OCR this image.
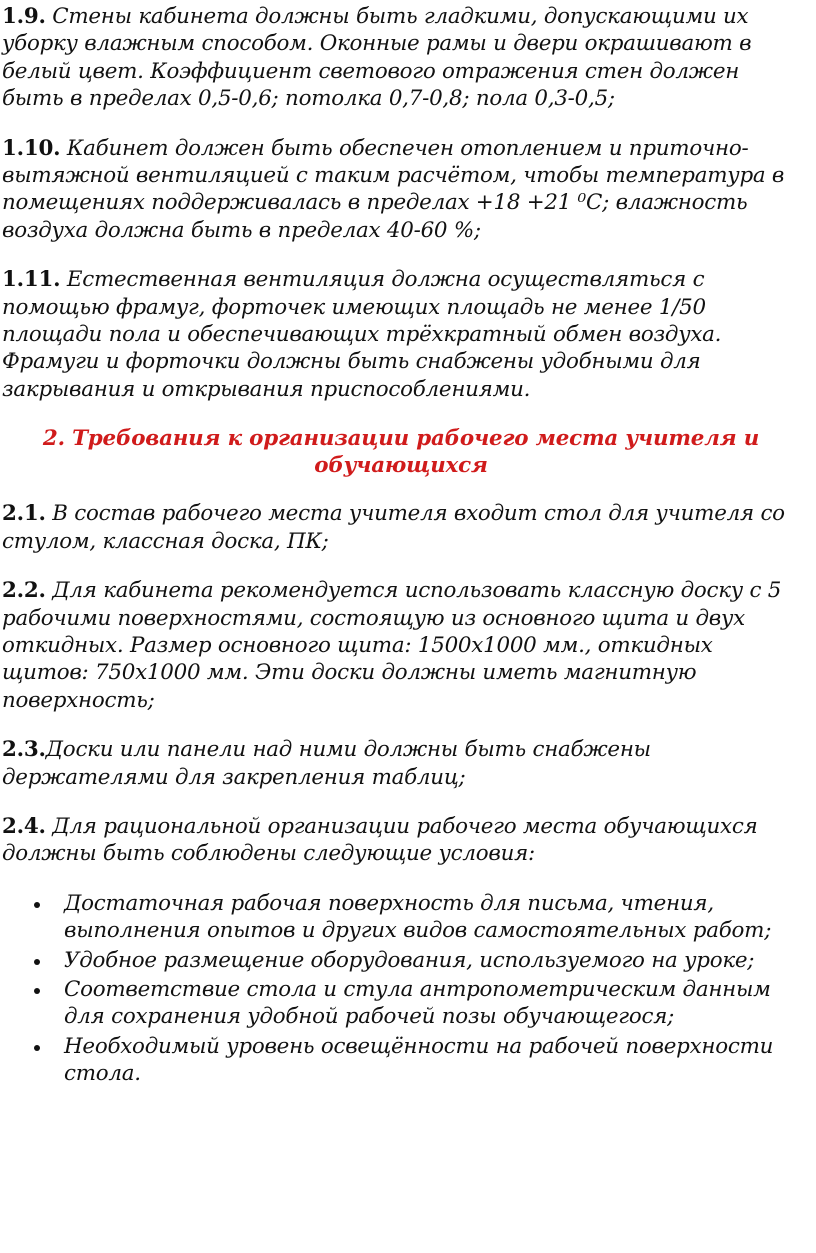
1.9. Стены кабинета должны быть гладкими, допускающими их уборку влажным способом. Оконные рамы и двери окрашивают в белый цвет. Коэффициент светового отражения стен должен быть в пределах 0,5-0,6; потолка 0,7-0,8; пола 0,3-0,5;

1.10. Кабинет должен быть обеспечен отоплением и приточно-вытяжной вентиляцией с таким расчётом, чтобы температура в помещениях поддерживалась в пределах +18 +21 ⁰С; влажность воздуха должна быть в пределах 40-60 %;

1.11. Естественная вентиляция должна осуществляться с помощью фрамуг, форточек имеющих площадь не менее 1/50 площади пола и обеспечивающих трёхкратный обмен воздуха. Фрамуги и форточки должны быть снабжены удобными для закрывания и открывания приспособлениями.

2. Требования к организации рабочего места учителя и обучающихся

2.1. В состав рабочего места учителя входит стол для учителя со стулом, классная доска, ПК;

2.2. Для кабинета рекомендуется использовать классную доску с 5 рабочими поверхностями, состоящую из основного щита и двух откидных. Размер основного щита: 1500х1000 мм., откидных щитов: 750х1000 мм. Эти доски должны иметь магнитную поверхность;

2.3.Доски или панели над ними должны быть снабжены держателями для закрепления таблиц;

2.4. Для рациональной организации рабочего места обучающихся должны быть соблюдены следующие условия:

Достаточная рабочая поверхность для письма, чтения, выполнения опытов и других видов самостоятельных работ;
Удобное размещение оборудования, используемого на уроке;
Соответствие стола и стула антропометрическим данным для сохранения удобной рабочей позы обучающегося;
Необходимый уровень освещённости на рабочей поверхности стола.
